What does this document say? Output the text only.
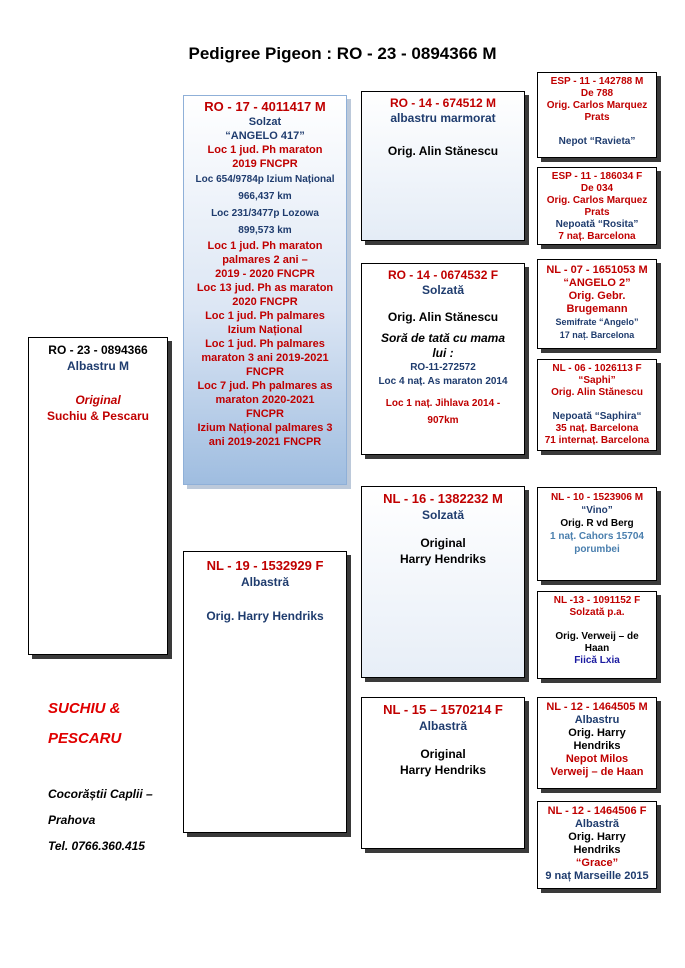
Pedigree Pigeon : RO - 23 - 0894366 M
RO - 23 - 0894366
Albastru M
Original
Suchiu & Pescaru
RO - 17 - 4011417 M
Solzat
“ANGELO 417”
Loc 1 jud. Ph maraton
2019 FNCPR
Loc 654/9784p Izium Național
966,437 km
Loc 231/3477p Lozowa
899,573 km
Loc 1 jud. Ph maraton
palmares 2 ani –
2019 - 2020 FNCPR
Loc 13 jud. Ph as maraton
2020 FNCPR
Loc 1 jud. Ph palmares
Izium Național
Loc 1 jud. Ph palmares
maraton 3 ani 2019-2021
FNCPR
Loc 7 jud. Ph palmares as
maraton 2020-2021
FNCPR
Izium Național palmares 3
ani 2019-2021 FNCPR
NL - 19 - 1532929 F
Albastră
Orig. Harry Hendriks
RO - 14 - 674512 M
albastru marmorat
Orig. Alin Stănescu
RO - 14 - 0674532 F
Solzată
Orig. Alin Stănescu
Soră de tată cu mama
lui :
RO-11-272572
Loc 4 naț. As maraton 2014
Loc 1 naț. Jihlava 2014 -
907km
NL - 16 - 1382232 M
Solzată
Original
Harry Hendriks
NL - 15 – 1570214 F
Albastră
Original
Harry Hendriks
ESP - 11 - 142788 M
De 788
Orig. Carlos Marquez
Prats
Nepot “Ravieta”
ESP - 11 - 186034 F
De 034
Orig. Carlos Marquez
Prats
Nepoată “Rosita”
7 naț. Barcelona
NL - 07 - 1651053 M
“ANGELO 2”
Orig. Gebr.
Brugemann
Semifrate “Angelo”
17 naț. Barcelona
NL - 06 - 1026113 F
“Saphi”
Orig. Alin Stănescu
Nepoată “Saphira“
35 naț. Barcelona
71 internaț. Barcelona
NL - 10 - 1523906 M
“Vino”
Orig. R vd Berg
1 naț. Cahors 15704
porumbei
NL -13 - 1091152 F
Solzată p.a.
Orig. Verweij – de
Haan
Fiică Lxia
NL - 12 - 1464505 M
Albastru
Orig. Harry
Hendriks
Nepot Milos
Verweij – de Haan
NL - 12 - 1464506 F
Albastră
Orig. Harry
Hendriks
“Grace”
9 naț Marseille 2015
SUCHIU &
PESCARU
Cocorăștii Caplii –
Prahova
Tel. 0766.360.415
